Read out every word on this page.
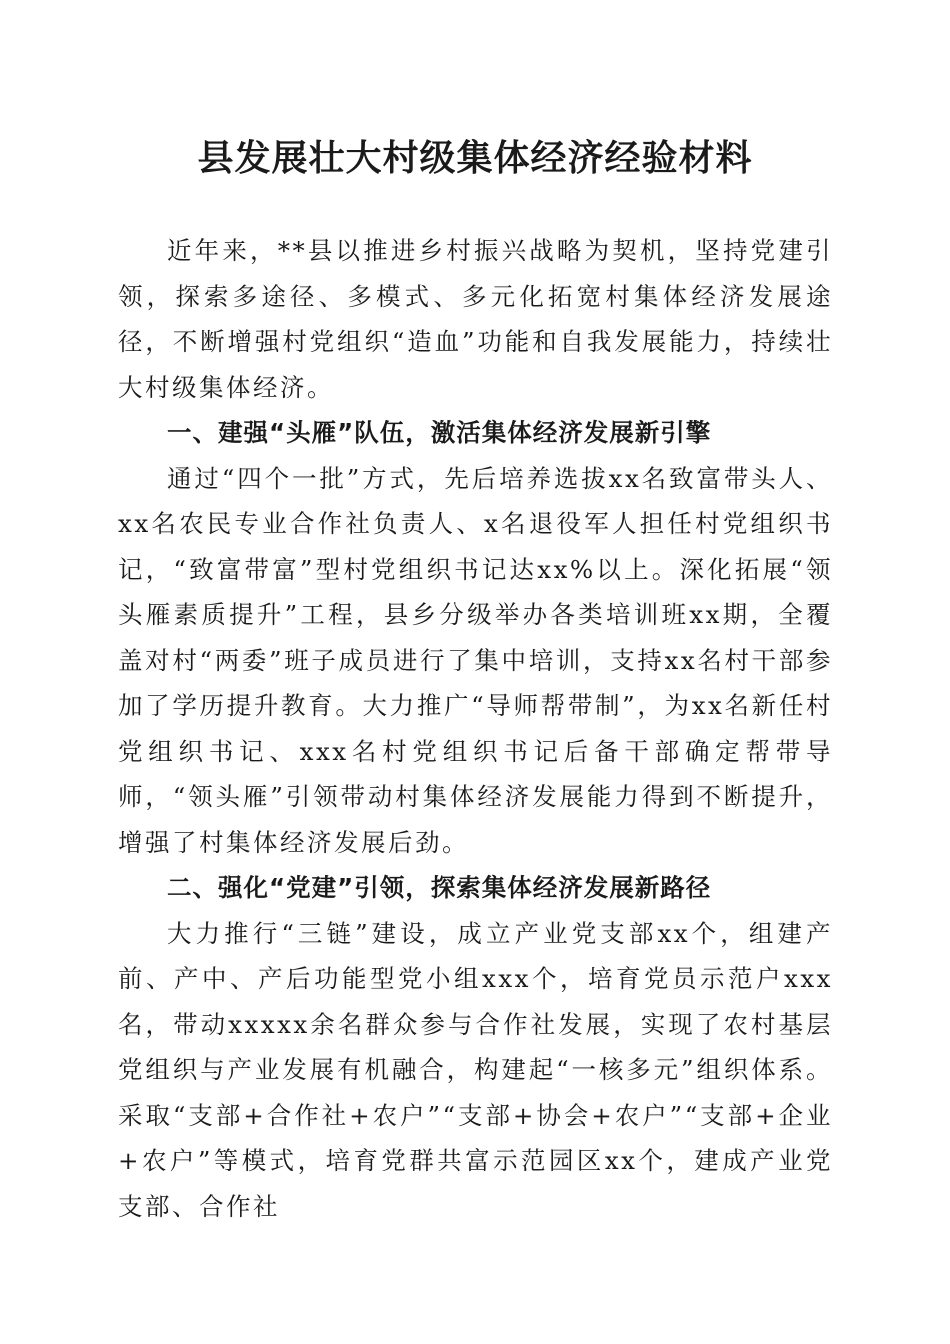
县发展壮大村级集体经济经验材料

近年来，**县以推进乡村振兴战略为契机，坚持党建引领，探索多途径、多模式、多元化拓宽村集体经济发展途径，不断增强村党组织“造血”功能和自我发展能力，持续壮大村级集体经济。

一、建强“头雁”队伍，激活集体经济发展新引擎

通过“四个一批”方式，先后培养选拔xx名致富带头人、xx名农民专业合作社负责人、x名退役军人担任村党组织书记，“致富带富”型村党组织书记达xx%以上。深化拓展“领头雁素质提升”工程，县乡分级举办各类培训班xx期，全覆盖对村“两委”班子成员进行了集中培训，支持xx名村干部参加了学历提升教育。大力推广“导师帮带制”，为xx名新任村党组织书记、xxx名村党组织书记后备干部确定帮带导师，“领头雁”引领带动村集体经济发展能力得到不断提升，增强了村集体经济发展后劲。

二、强化“党建”引领，探索集体经济发展新路径

大力推行“三链”建设，成立产业党支部xx个，组建产前、产中、产后功能型党小组xxx个，培育党员示范户xxx名，带动xxxxx余名群众参与合作社发展，实现了农村基层党组织与产业发展有机融合，构建起“一核多元”组织体系。采取“支部+合作社+农户”“支部+协会+农户”“支部+企业+农户”等模式，培育党群共富示范园区xx个，建成产业党支部、合作社
